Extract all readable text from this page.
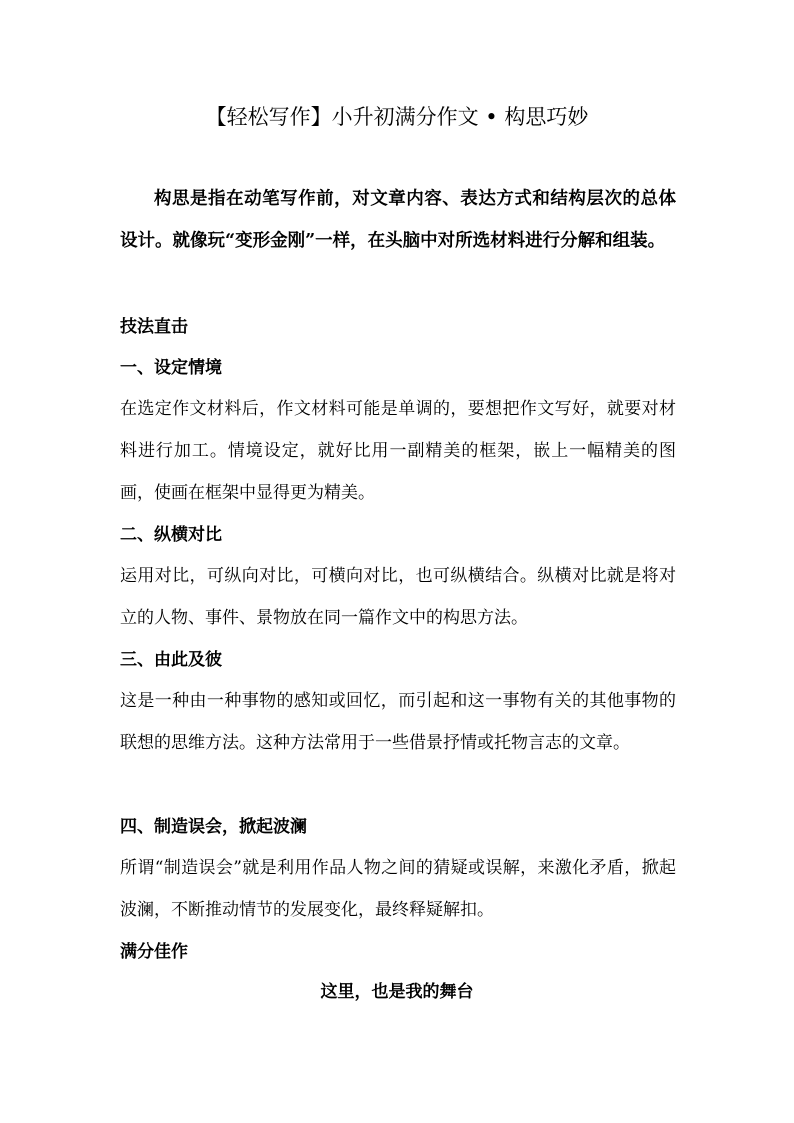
【轻松写作】小升初满分作文 • 构思巧妙
构思是指在动笔写作前，对文章内容、表达方式和结构层次的总体设计。就像玩“变形金刚”一样，在头脑中对所选材料进行分解和组装。
技法直击
一、设定情境
在选定作文材料后，作文材料可能是单调的，要想把作文写好，就要对材料进行加工。情境设定，就好比用一副精美的框架，嵌上一幅精美的图画，使画在框架中显得更为精美。
二、纵横对比
运用对比，可纵向对比，可横向对比，也可纵横结合。纵横对比就是将对立的人物、事件、景物放在同一篇作文中的构思方法。
三、由此及彼
这是一种由一种事物的感知或回忆，而引起和这一事物有关的其他事物的联想的思维方法。这种方法常用于一些借景抒情或托物言志的文章。
四、制造误会，掀起波澜
所谓“制造误会”就是利用作品人物之间的猜疑或误解，来激化矛盾，掀起波澜，不断推动情节的发展变化，最终释疑解扣。
满分佳作
这里，也是我的舞台
